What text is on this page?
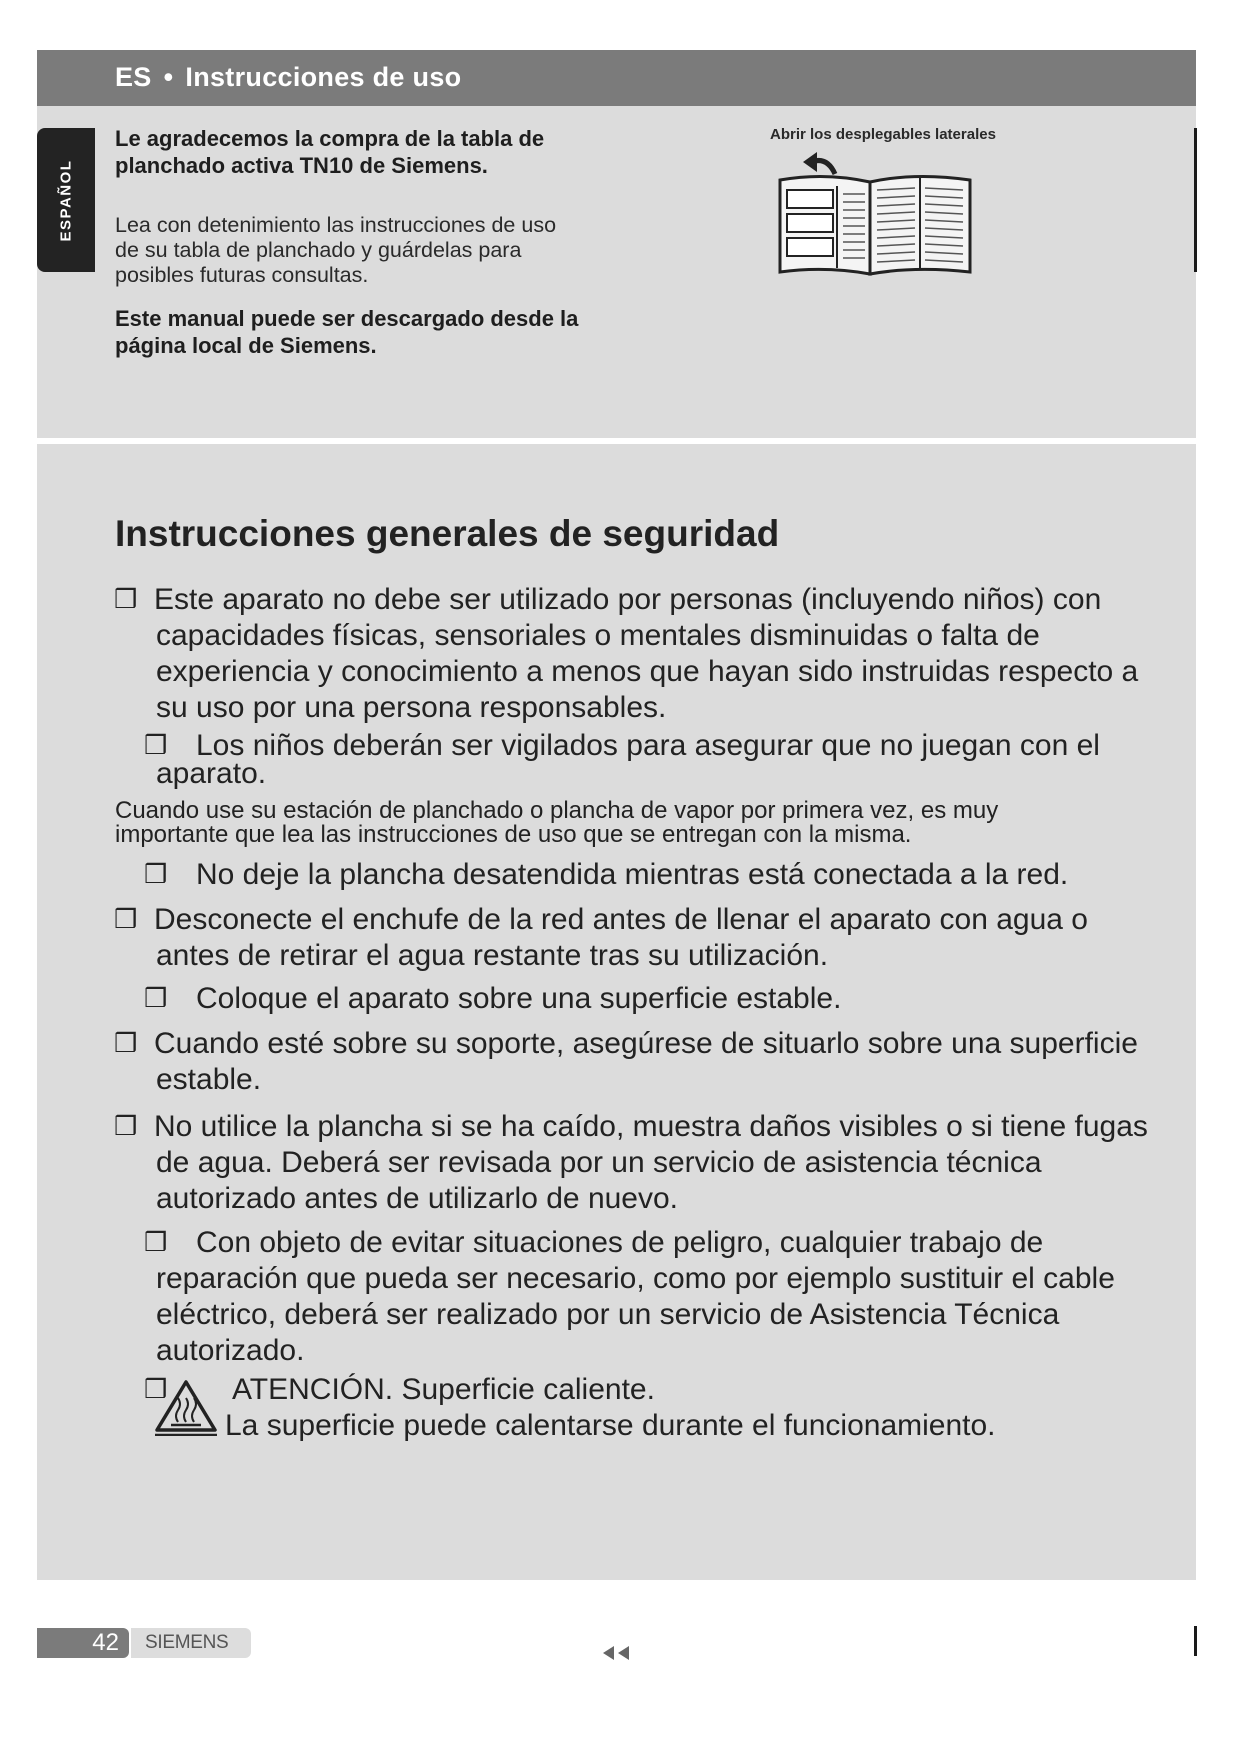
ES • Instrucciones de uso
ESPAÑOL
Le agradecemos la compra de la tabla de
planchado activa TN10 de Siemens.
Lea con detenimiento las instrucciones de uso
de su tabla de planchado y guárdelas para
posibles futuras consultas.
Este manual puede ser descargado desde la
página local de Siemens.
Abrir los desplegables laterales
Instrucciones generales de seguridad
❒ Este aparato no debe ser utilizado por personas (incluyendo niños) con
capacidades físicas, sensoriales o mentales disminuidas o falta de
experiencia y conocimiento a menos que hayan sido instruidas respecto a
su uso por una persona responsables.
❒ Los niños deberán ser vigilados para asegurar que no juegan con el
aparato.
Cuando use su estación de planchado o plancha de vapor por primera vez, es muy
importante que lea las instrucciones de uso que se entregan con la misma.
❒ No deje la plancha desatendida mientras está conectada a la red.
❒ Desconecte el enchufe de la red antes de llenar el aparato con agua o
antes de retirar el agua restante tras su utilización.
❒ Coloque el aparato sobre una superficie estable.
❒ Cuando esté sobre su soporte, asegúrese de situarlo sobre una superficie
estable.
❒ No utilice la plancha si se ha caído, muestra daños visibles o si tiene fugas
de agua. Deberá ser revisada por un servicio de asistencia técnica
autorizado antes de utilizarlo de nuevo.
❒ Con objeto de evitar situaciones de peligro, cualquier trabajo de
reparación que pueda ser necesario, como por ejemplo sustituir el cable
eléctrico, deberá ser realizado por un servicio de Asistencia Técnica
autorizado.
❒ ATENCIÓN. Superficie caliente.
La superficie puede calentarse durante el funcionamiento.
42 SIEMENS
